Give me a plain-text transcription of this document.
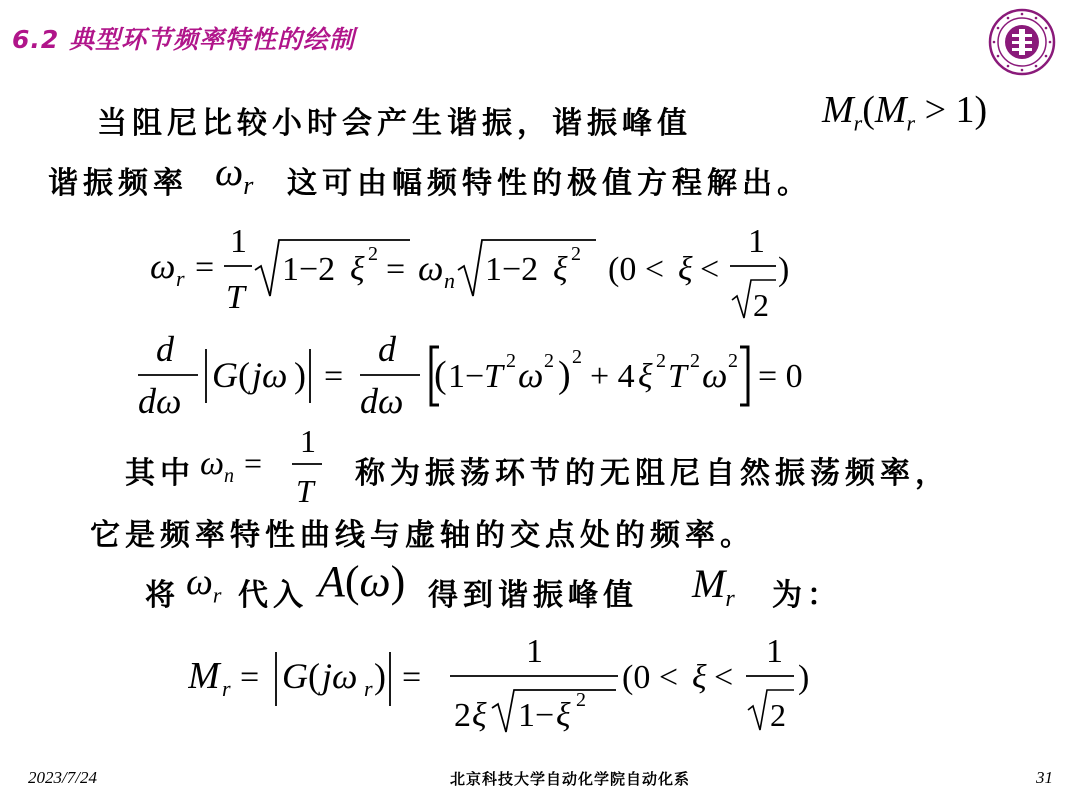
6.2 典型环节频率特性的绘制
当阻尼比较小时会产生谐振，谐振峰值	$M_r(M_r > 1)$
谐振频率 $\omega_r$ 这可由幅频特性的极值方程解出。
ω r =
1
T
1−2 ξ 2 = ω n 1−2 ξ 2 (0 < ξ <
1
2
)
d
dω
G ( jω ) =
d
dω
( 1− T 2 ω 2 ) 2
+ 4 ξ 2 T 2 ω 2 = 0
其中 ω n =
1
T 称为振荡环节的无阻尼自然振荡频率，
它是频率特性曲线与虚轴的交点处的频率。
将 $\omega_r$ 代入 A(ω) 得到谐振峰值 $M_r$ 为：
M r = G ( jω r ) =
1
2 ξ 1− ξ 2
(0 < ξ <
1
2
)
2023/7/24	北京科技大学自动化学院自动化系	31
